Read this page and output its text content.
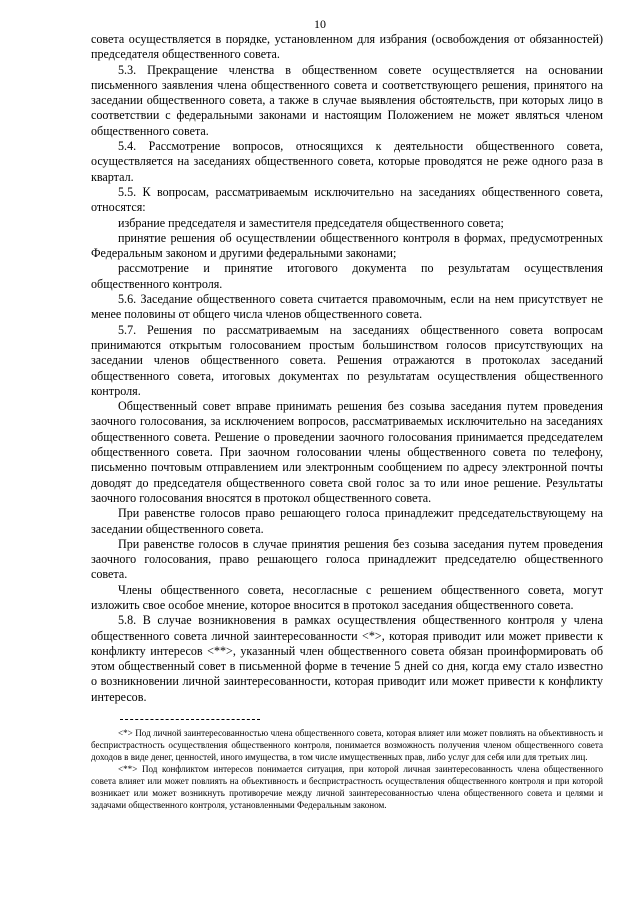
10

совета осуществляется в порядке, установленном для избрания (освобождения от обязанностей) председателя общественного совета.

5.3. Прекращение членства в общественном совете осуществляется на основании письменного заявления члена общественного совета и соответствующего решения, принятого на заседании общественного совета, а также в случае выявления обстоятельств, при которых лицо в соответствии с федеральными законами и настоящим Положением не может являться членом общественного совета.

5.4. Рассмотрение вопросов, относящихся к деятельности общественного совета, осуществляется на заседаниях общественного совета, которые проводятся не реже одного раза в квартал.

5.5. К вопросам, рассматриваемым исключительно на заседаниях общественного совета, относятся:

избрание председателя и заместителя председателя общественного совета;

принятие решения об осуществлении общественного контроля в формах, предусмотренных Федеральным законом и другими федеральными законами;

рассмотрение и принятие итогового документа по результатам осуществления общественного контроля.

5.6. Заседание общественного совета считается правомочным, если на нем присутствует не менее половины от общего числа членов общественного совета.

5.7. Решения по рассматриваемым на заседаниях общественного совета вопросам принимаются открытым голосованием простым большинством голосов присутствующих на заседании членов общественного совета. Решения отражаются в протоколах заседаний общественного совета, итоговых документах по результатам осуществления общественного контроля.

Общественный совет вправе принимать решения без созыва заседания путем проведения заочного голосования, за исключением вопросов, рассматриваемых исключительно на заседаниях общественного совета. Решение о проведении заочного голосования принимается председателем общественного совета. При заочном голосовании члены общественного совета по телефону, письменно почтовым отправлением или электронным сообщением по адресу электронной почты доводят до председателя общественного совета свой голос за то или иное решение. Результаты заочного голосования вносятся в протокол общественного совета.

При равенстве голосов право решающего голоса принадлежит председательствующему на заседании общественного совета.

При равенстве голосов в случае принятия решения без созыва заседания путем проведения заочного голосования, право решающего голоса принадлежит председателю общественного совета.

Члены общественного совета, несогласные с решением общественного совета, могут изложить свое особое мнение, которое вносится в протокол заседания общественного совета.

5.8. В случае возникновения в рамках осуществления общественного контроля у члена общественного совета личной заинтересованности <*>, которая приводит или может привести к конфликту интересов <**>, указанный член общественного совета обязан проинформировать об этом общественный совет в письменной форме в течение 5 дней со дня, когда ему стало известно о возникновении личной заинтересованности, которая приводит или может привести к конфликту интересов.

<*> Под личной заинтересованностью члена общественного совета, которая влияет или может повлиять на объективность и беспристрастность осуществления общественного контроля, понимается возможность получения членом общественного совета доходов в виде денег, ценностей, иного имущества, в том числе имущественных прав, либо услуг для себя или для третьих лиц.

<**> Под конфликтом интересов понимается ситуация, при которой личная заинтересованность члена общественного совета влияет или может повлиять на объективность и беспристрастность осуществления общественного контроля и при которой возникает или может возникнуть противоречие между личной заинтересованностью члена общественного совета и целями и задачами общественного контроля, установленными Федеральным законом.
